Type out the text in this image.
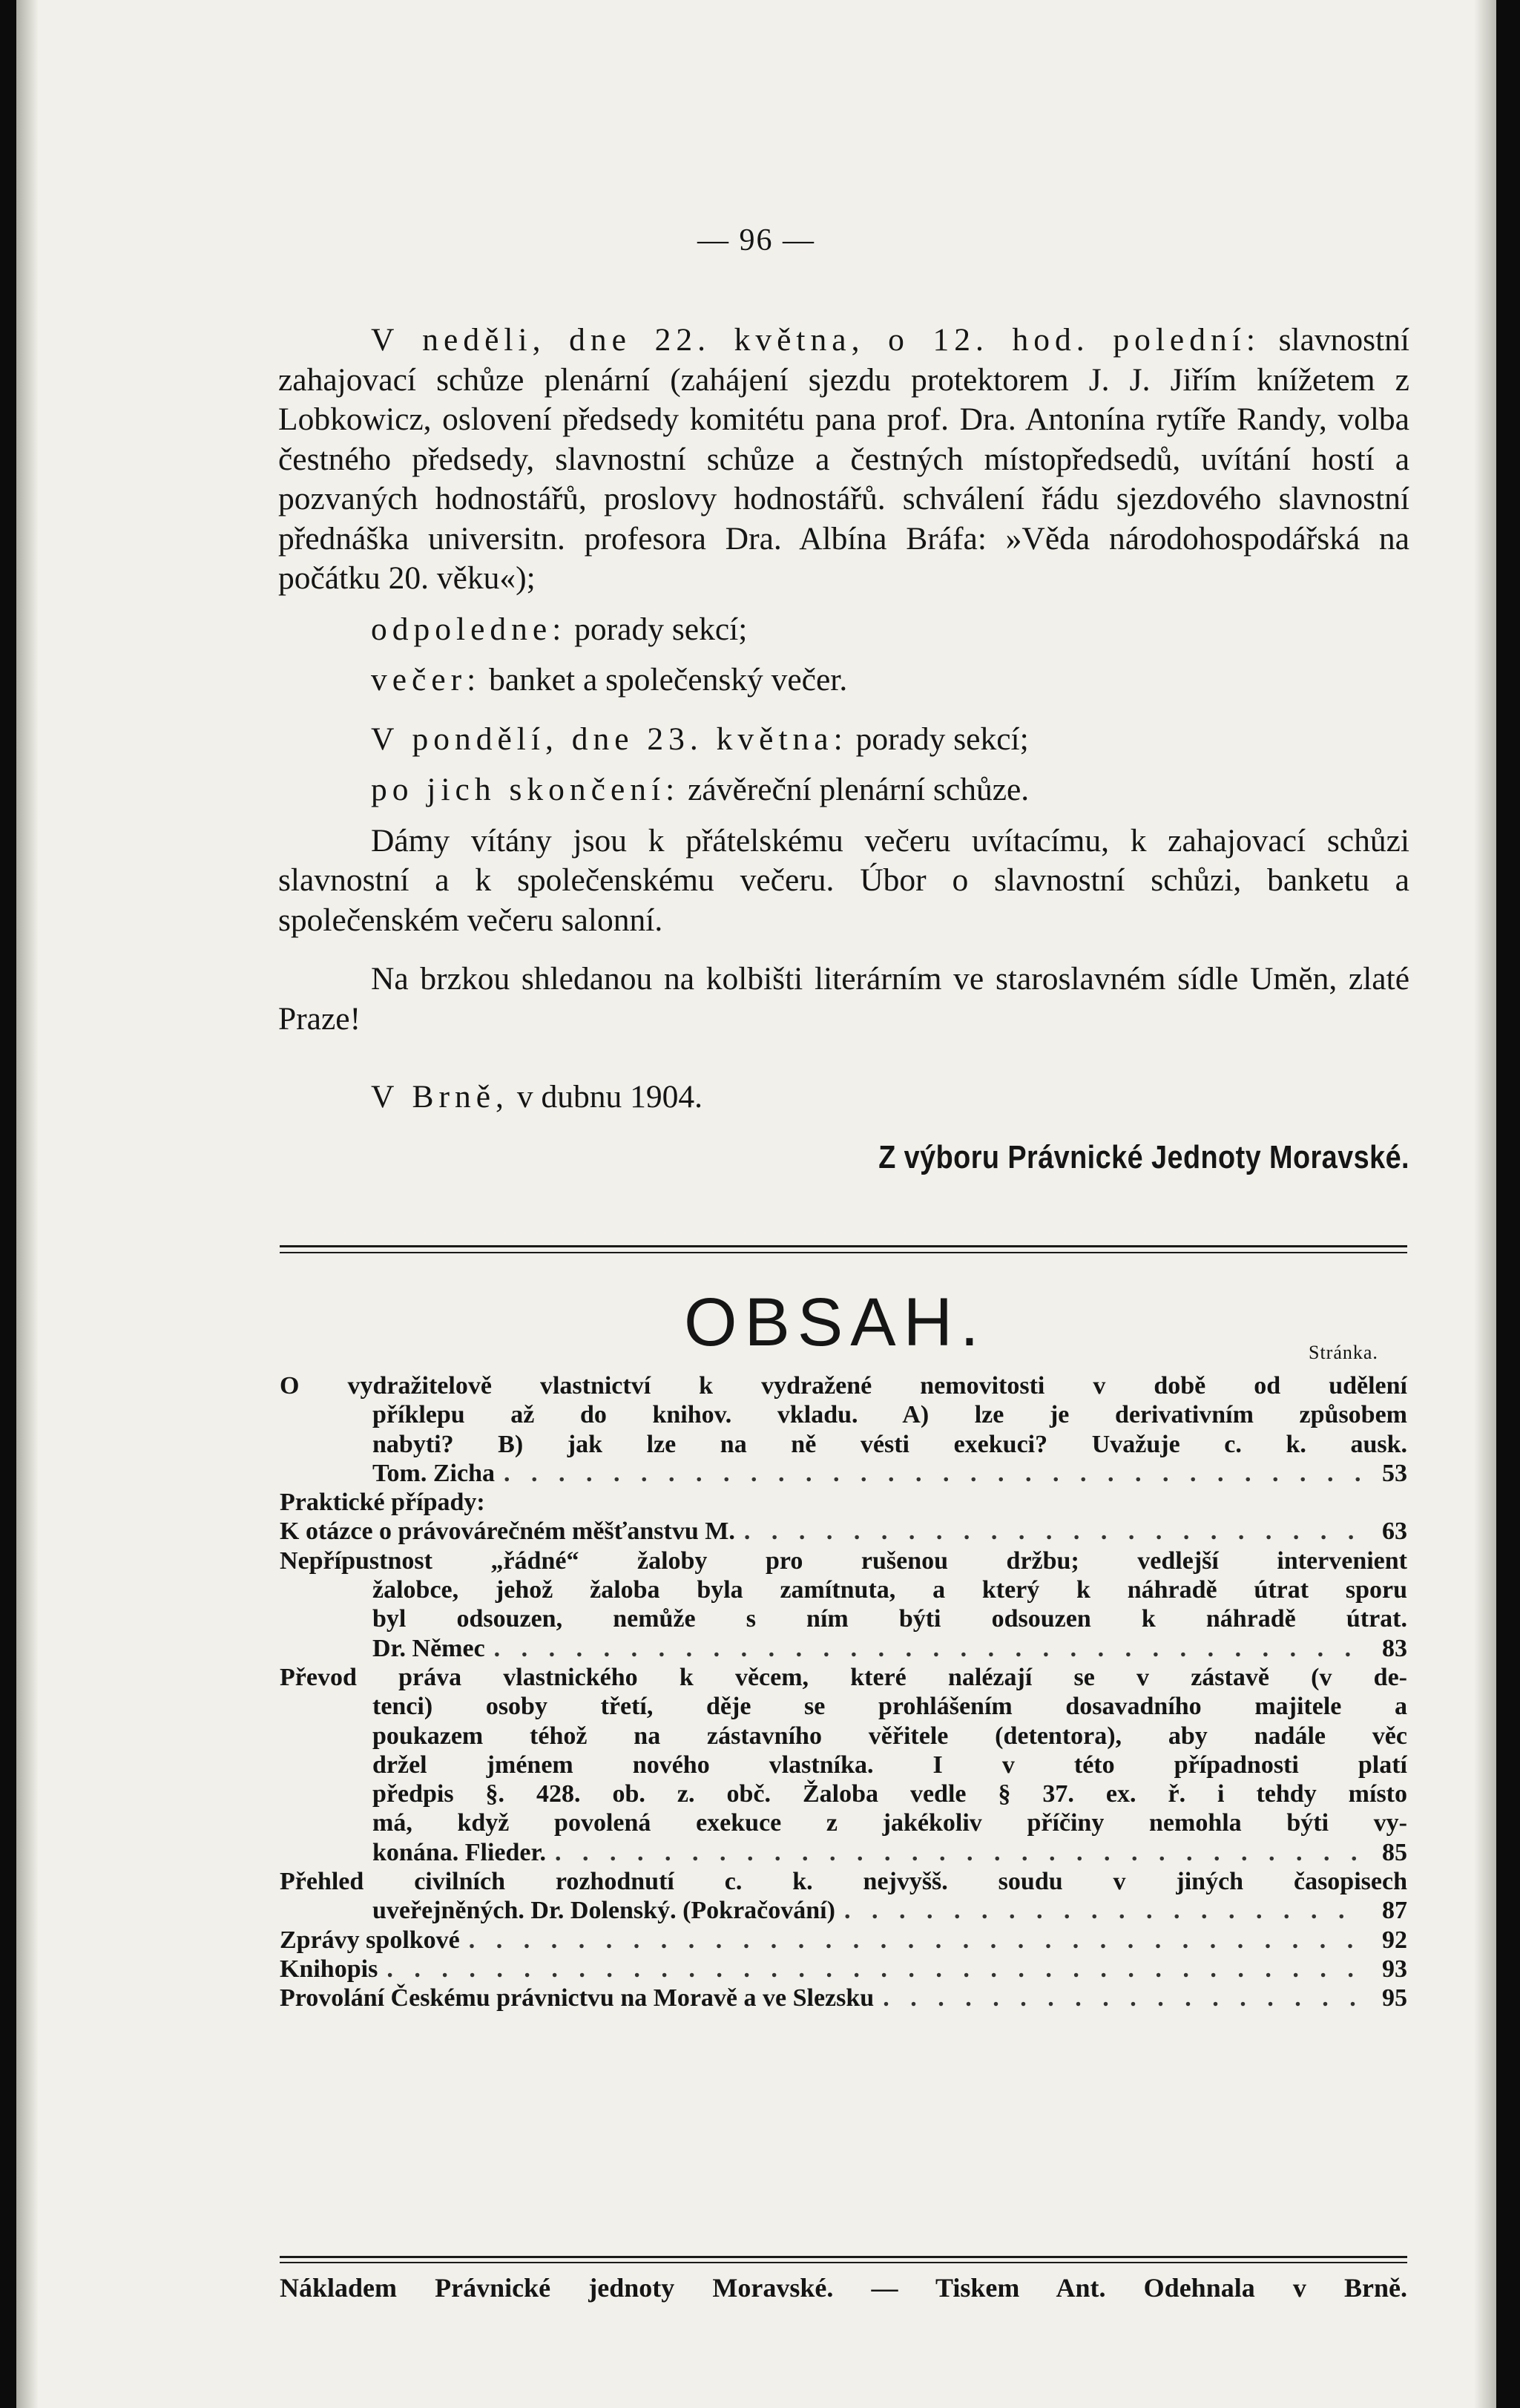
— 96 —

V neděli, dne 22. května, o 12. hod. polední: slavnostní zahajovací schůze plenární (zahájení sjezdu protektorem J. J. Jiřím knížetem z Lobkowicz, oslovení předsedy komitétu pana prof. Dra. Antonína rytíře Randy, volba čestného předsedy, slavnostní schůze a čestných místopředsedů, uvítání hostí a pozvaných hodnostářů, proslovy hodnostářů. schválení řádu sjezdového slavnostní přednáška universitn. profesora Dra. Albína Bráfa: »Věda národohospodářská na počátku 20. věku«);

odpoledne: porady sekcí;

večer: banket a společenský večer.

V pondělí, dne 23. května: porady sekcí;

po jich skončení: závěreční plenární schůze.

Dámy vítány jsou k přátelskému večeru uvítacímu, k zahajovací schůzi slavnostní a k společenskému večeru. Úbor o slavnostní schůzi, banketu a společenském večeru salonní.

Na brzkou shledanou na kolbišti literárním ve staroslavném sídle Umĕn, zlaté Praze!

V Brně, v dubnu 1904.

Z výboru Právnické Jednoty Moravské.
OBSAH.	Stránka.
O vydražitelově vlastnictví k vydražené nemovitosti v době od udělení
příklepu až do knihov. vkladu. A) lze je derivativním způsobem
nabyti? B) jak lze na ně vésti exekuci? Uvažuje c. k. ausk.
Tom. Zicha . . .	53
Praktické případy:
K otázce o právovárečném měšťanstvu M. . . .	63
Nepřípustnost „řádné“ žaloby pro rušenou držbu; vedlejší intervenient
žalobce, jehož žaloba byla zamítnuta, a který k náhradě útrat sporu
byl odsouzen, nemůže s ním býti odsouzen k náhradě útrat.
Dr. Němec . . .	83
Převod práva vlastnického k věcem, které nalézají se v zástavě (v de-
tenci) osoby třetí, děje se prohlášením dosavadního majitele a
poukazem téhož na zástavního věřitele (detentora), aby nadále věc
držel jménem nového vlastníka. I v této případnosti platí
předpis §. 428. ob. z. obč. Žaloba vedle § 37. ex. ř. i tehdy místo
má, když povolená exekuce z jakékoliv příčiny nemohla býti vy-
konána. Flieder. . . .	85
Přehled civilních rozhodnutí c. k. nejvyšš. soudu v jiných časopisech
uveřejněných. Dr. Dolenský. (Pokračování) . . .	87
Zprávy spolkové . . .	92
Knihopis . . .	93
Provolání Českému právnictvu na Moravě a ve Slezsku . . .	95
Nákladem Právnické jednoty Moravské. — Tiskem Ant. Odehnala v Brně.
